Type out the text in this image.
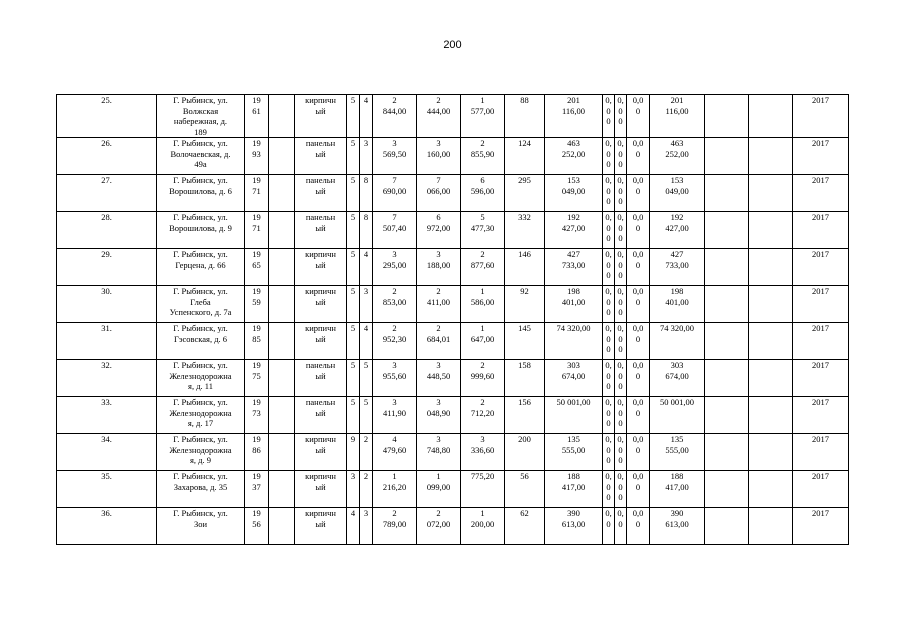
200
25.	Г. Рыбинск, ул.
Волжская
набережная, д.
189	19
61		кирпичн
ый	5	4	2
844,00	2
444,00	1
577,00	88	201
116,00	0,
0
0	0,
0
0	0,0
0	201
116,00			2017
26.	Г. Рыбинск, ул.
Волочаевская, д.
49а	19
93		панельн
ый	5	3	3
569,50	3
160,00	2
855,90	124	463
252,00	0,
0
0	0,
0
0	0,0
0	463
252,00			2017
27.	Г. Рыбинск, ул.
Ворошилова, д. 6	19
71		панельн
ый	5	8	7
690,00	7
066,00	6
596,00	295	153
049,00	0,
0
0	0,
0
0	0,0
0	153
049,00			2017
28.	Г. Рыбинск, ул.
Ворошилова, д. 9	19
71		панельн
ый	5	8	7
507,40	6
972,00	5
477,30	332	192
427,00	0,
0
0	0,
0
0	0,0
0	192
427,00			2017
29.	Г. Рыбинск, ул.
Герцена, д. 66	19
65		кирпичн
ый	5	4	3
295,00	3
188,00	2
877,60	146	427
733,00	0,
0
0	0,
0
0	0,0
0	427
733,00			2017
30.	Г. Рыбинск, ул.
Глеба
Успенского, д. 7а	19
59		кирпичн
ый	5	3	2
853,00	2
411,00	1
586,00	92	198
401,00	0,
0
0	0,
0
0	0,0
0	198
401,00			2017
31.	Г. Рыбинск, ул.
Гэсовская, д. 6	19
85		кирпичн
ый	5	4	2
952,30	2
684,01	1
647,00	145	74 320,00	0,
0
0	0,
0
0	0,0
0	74 320,00			2017
32.	Г. Рыбинск, ул.
Железнодорожна
я, д. 11	19
75		панельн
ый	5	5	3
955,60	3
448,50	2
999,60	158	303
674,00	0,
0
0	0,
0
0	0,0
0	303
674,00			2017
33.	Г. Рыбинск, ул.
Железнодорожна
я, д. 17	19
73		панельн
ый	5	5	3
411,90	3
048,90	2
712,20	156	50 001,00	0,
0
0	0,
0
0	0,0
0	50 001,00			2017
34.	Г. Рыбинск, ул.
Железнодорожна
я, д. 9	19
86		кирпичн
ый	9	2	4
479,60	3
748,80	3
336,60	200	135
555,00	0,
0
0	0,
0
0	0,0
0	135
555,00			2017
35.	Г. Рыбинск, ул.
Захарова, д. 35	19
37		кирпичн
ый	3	2	1
216,20	1
099,00	775,20	56	188
417,00	0,
0
0	0,
0
0	0,0
0	188
417,00			2017
36.	Г. Рыбинск, ул.
Зои	19
56		кирпичн
ый	4	3	2
789,00	2
072,00	1
200,00	62	390
613,00	0,
0	0,
0	0,0
0	390
613,00			2017
